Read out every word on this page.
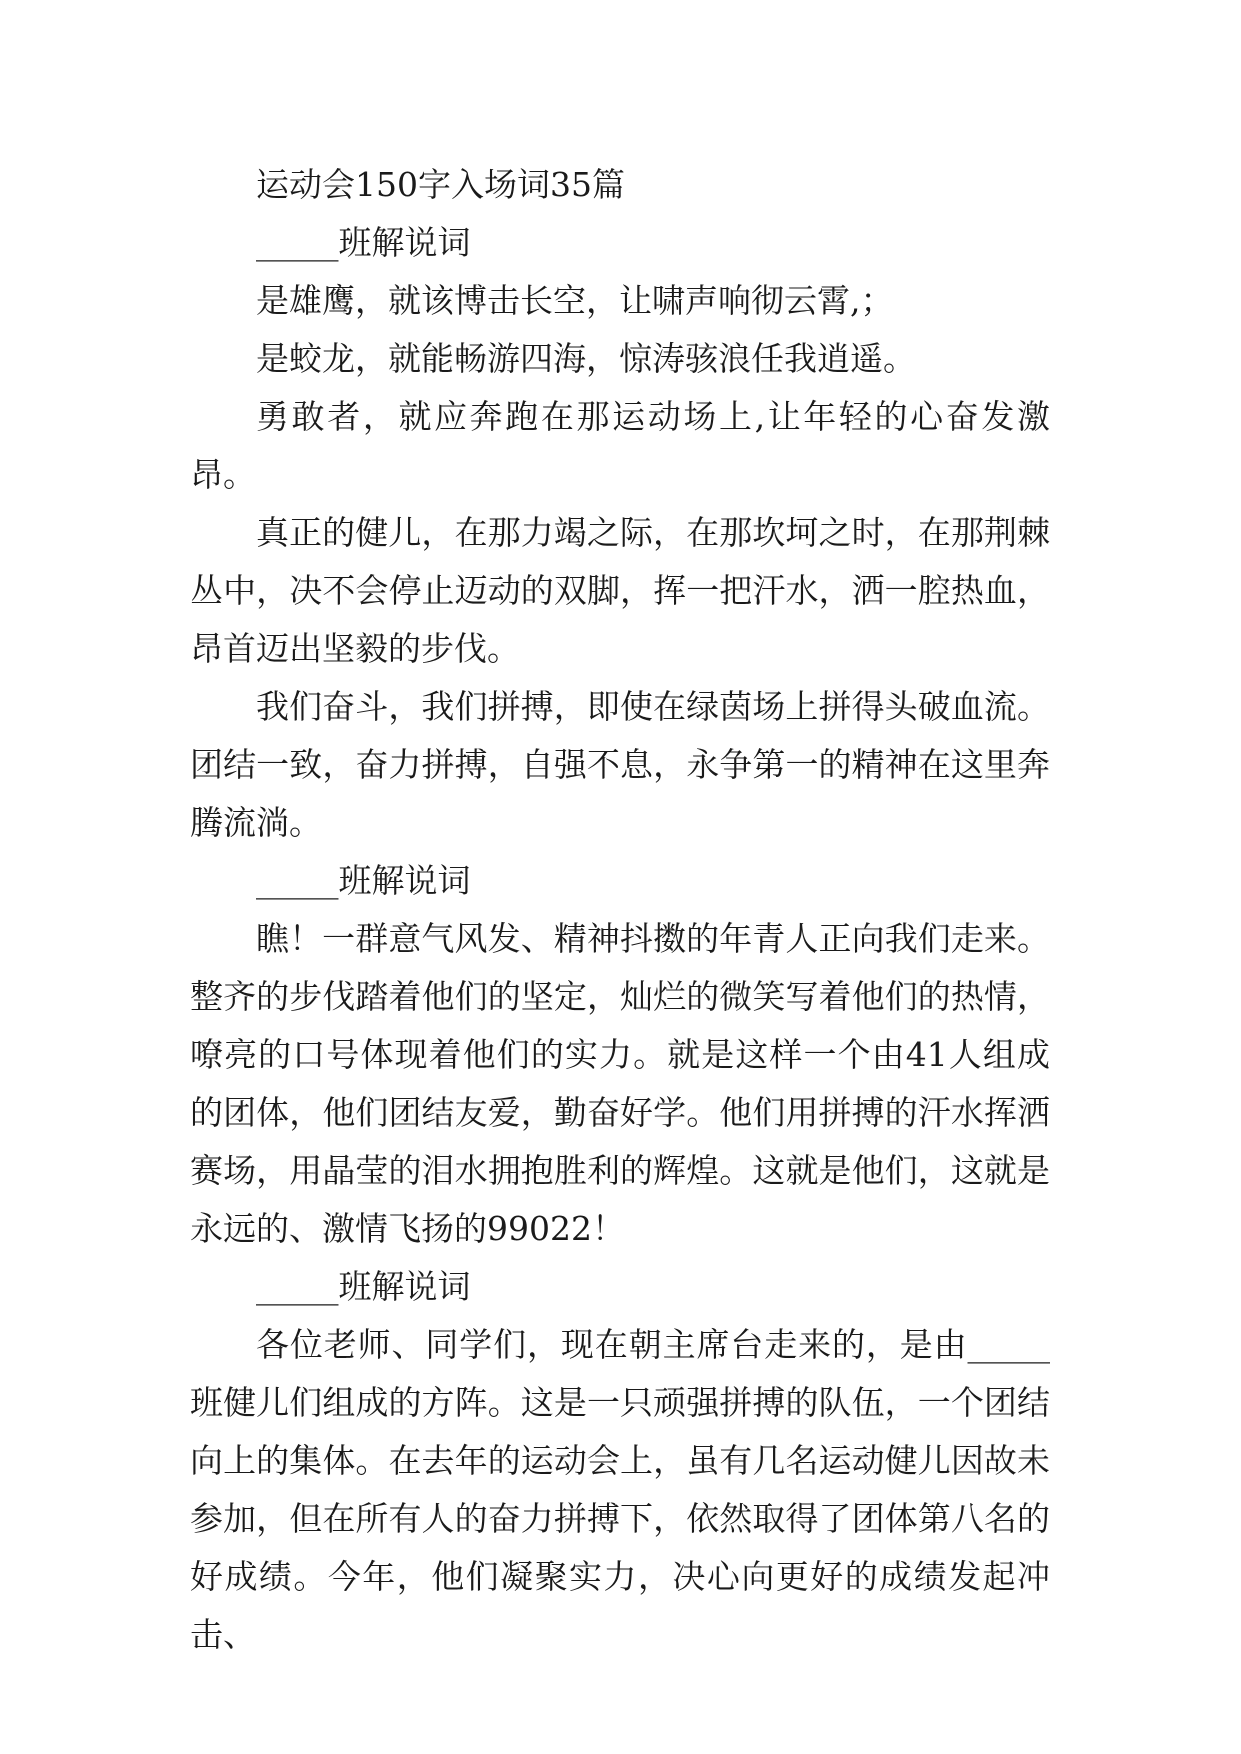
运动会150字入场词35篇

_____班解说词

是雄鹰，就该博击长空，让啸声响彻云霄,；

是蛟龙，就能畅游四海，惊涛骇浪任我逍遥。

勇敢者，就应奔跑在那运动场上,让年轻的心奋发激昂。

真正的健儿，在那力竭之际，在那坎坷之时，在那荆棘丛中，决不会停止迈动的双脚，挥一把汗水，洒一腔热血，昂首迈出坚毅的步伐。

我们奋斗，我们拼搏，即使在绿茵场上拼得头破血流。团结一致，奋力拼搏，自强不息，永争第一的精神在这里奔腾流淌。

_____班解说词

瞧！一群意气风发、精神抖擞的年青人正向我们走来。整齐的步伐踏着他们的坚定，灿烂的微笑写着他们的热情，嘹亮的口号体现着他们的实力。就是这样一个由41人组成的团体，他们团结友爱，勤奋好学。他们用拼搏的汗水挥洒赛场，用晶莹的泪水拥抱胜利的辉煌。这就是他们，这就是永远的、激情飞扬的99022！

_____班解说词

各位老师、同学们，现在朝主席台走来的，是由_____班健儿们组成的方阵。这是一只顽强拼搏的队伍，一个团结向上的集体。在去年的运动会上，虽有几名运动健儿因故未参加，但在所有人的奋力拼搏下，依然取得了团体第八名的好成绩。今年，他们凝聚实力，决心向更好的成绩发起冲击、
